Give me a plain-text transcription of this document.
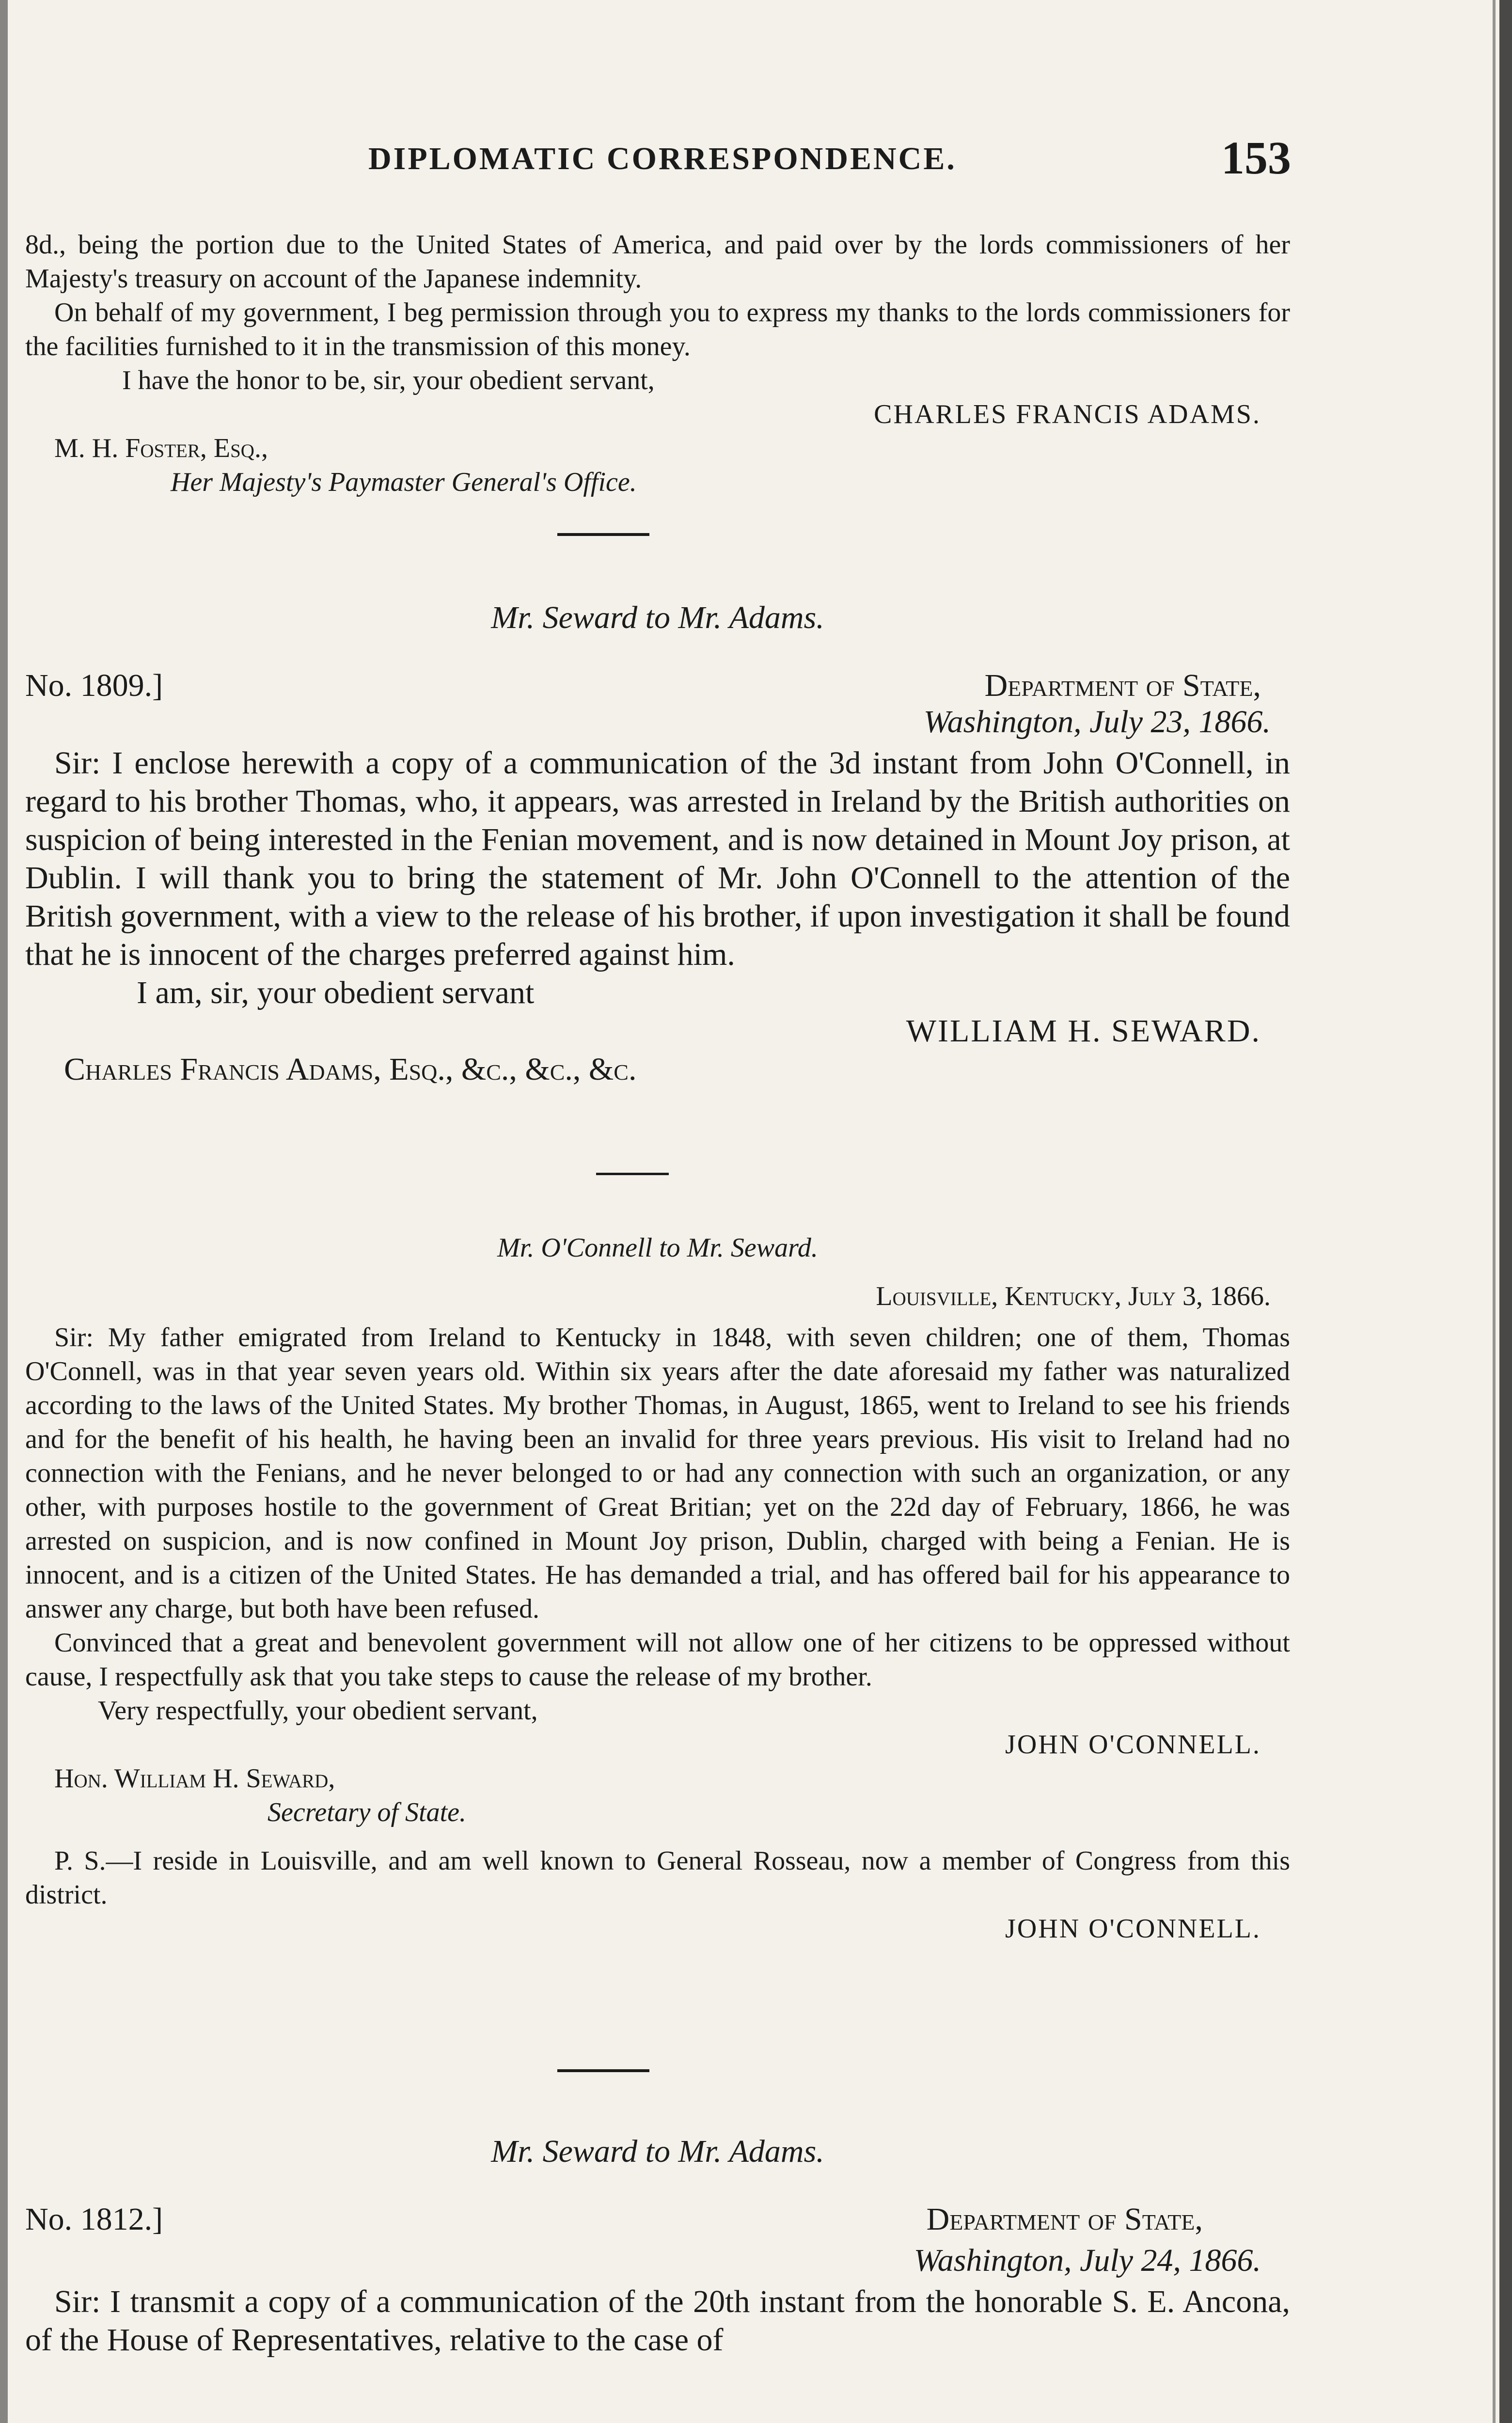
DIPLOMATIC CORRESPONDENCE.	153

8d., being the portion due to the United States of America, and paid over by the lords commissioners of her Majesty's treasury on account of the Japanese indemnity.

On behalf of my government, I beg permission through you to express my thanks to the lords commissioners for the facilities furnished to it in the transmission of this money.

I have the honor to be, sir, your obedient servant,

CHARLES FRANCIS ADAMS.

M. H. Foster, Esq.,

Her Majesty's Paymaster General's Office.

Mr. Seward to Mr. Adams.
No. 1809.]	Department of State,
Washington, July 23, 1866.

Sir: I enclose herewith a copy of a communication of the 3d instant from John O'Connell, in regard to his brother Thomas, who, it appears, was arrested in Ireland by the British authorities on suspicion of being interested in the Fenian movement, and is now detained in Mount Joy prison, at Dublin. I will thank you to bring the statement of Mr. John O'Connell to the attention of the British government, with a view to the release of his brother, if upon investigation it shall be found that he is innocent of the charges preferred against him.

I am, sir, your obedient servant

WILLIAM H. SEWARD.

Charles Francis Adams, Esq., &c., &c., &c.

Mr. O'Connell to Mr. Seward.
Louisville, Kentucky, July 3, 1866.

Sir: My father emigrated from Ireland to Kentucky in 1848, with seven children; one of them, Thomas O'Connell, was in that year seven years old. Within six years after the date aforesaid my father was naturalized according to the laws of the United States. My brother Thomas, in August, 1865, went to Ireland to see his friends and for the benefit of his health, he having been an invalid for three years previous. His visit to Ireland had no connection with the Fenians, and he never belonged to or had any connection with such an organization, or any other, with purposes hostile to the government of Great Britian; yet on the 22d day of February, 1866, he was arrested on suspicion, and is now confined in Mount Joy prison, Dublin, charged with being a Fenian. He is innocent, and is a citizen of the United States. He has demanded a trial, and has offered bail for his appearance to answer any charge, but both have been refused.

Convinced that a great and benevolent government will not allow one of her citizens to be oppressed without cause, I respectfully ask that you take steps to cause the release of my brother.

Very respectfully, your obedient servant,

JOHN O'CONNELL.

Hon. William H. Seward,

Secretary of State.

P. S.—I reside in Louisville, and am well known to General Rosseau, now a member of Congress from this district.

JOHN O'CONNELL.

Mr. Seward to Mr. Adams.
No. 1812.]	Department of State,
Washington, July 24, 1866.

Sir: I transmit a copy of a communication of the 20th instant from the honorable S. E. Ancona, of the House of Representatives, relative to the case of
